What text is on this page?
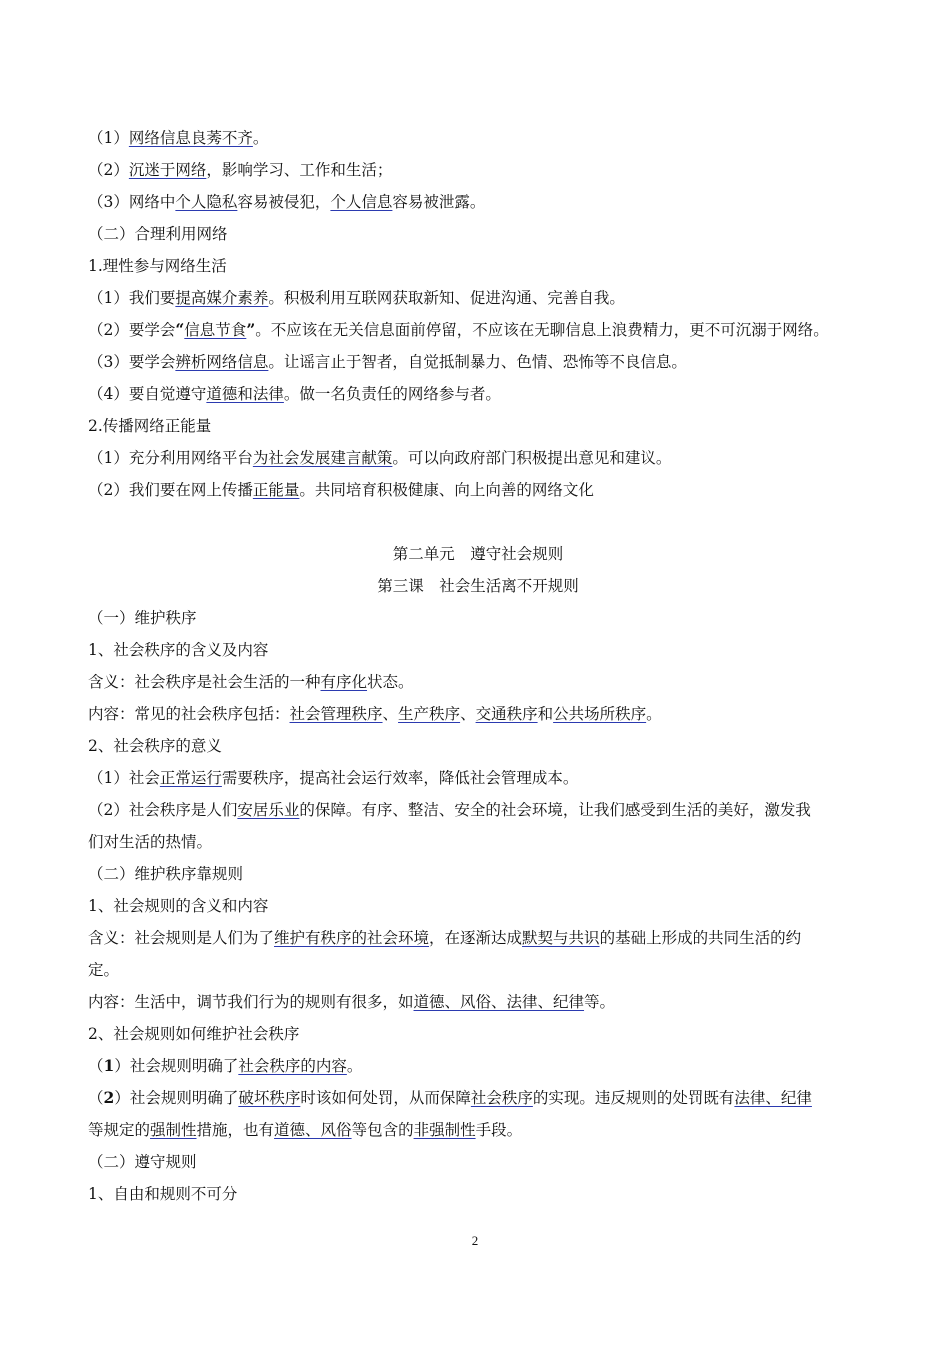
（1）网络信息良莠不齐。
（2）沉迷于网络，影响学习、工作和生活；
（3）网络中个人隐私容易被侵犯，个人信息容易被泄露。
（二）合理利用网络
1.理性参与网络生活
（1）我们要提高媒介素养。积极利用互联网获取新知、促进沟通、完善自我。
（2）要学会“信息节食”。不应该在无关信息面前停留，不应该在无聊信息上浪费精力，更不可沉溺于网络。
（3）要学会辨析网络信息。让谣言止于智者，自觉抵制暴力、色情、恐怖等不良信息。
（4）要自觉遵守道德和法律。做一名负责任的网络参与者。
2.传播网络正能量
（1）充分利用网络平台为社会发展建言献策。可以向政府部门积极提出意见和建议。
（2）我们要在网上传播正能量。共同培育积极健康、向上向善的网络文化
第二单元　遵守社会规则
第三课　社会生活离不开规则
（一）维护秩序
1、社会秩序的含义及内容
含义：社会秩序是社会生活的一种有序化状态。
内容：常见的社会秩序包括：社会管理秩序、生产秩序、交通秩序和公共场所秩序。
2、社会秩序的意义
（1）社会正常运行需要秩序，提高社会运行效率，降低社会管理成本。
（2）社会秩序是人们安居乐业的保障。有序、整洁、安全的社会环境，让我们感受到生活的美好，激发我
们对生活的热情。
（二）维护秩序靠规则
1、社会规则的含义和内容
含义：社会规则是人们为了维护有秩序的社会环境，在逐渐达成默契与共识的基础上形成的共同生活的约
定。
内容：生活中，调节我们行为的规则有很多，如道德、风俗、法律、纪律等。
2、社会规则如何维护社会秩序
（1）社会规则明确了社会秩序的内容。
（2）社会规则明确了破坏秩序时该如何处罚，从而保障社会秩序的实现。违反规则的处罚既有法律、纪律
等规定的强制性措施，也有道德、风俗等包含的非强制性手段。
（二）遵守规则
1、自由和规则不可分
2
